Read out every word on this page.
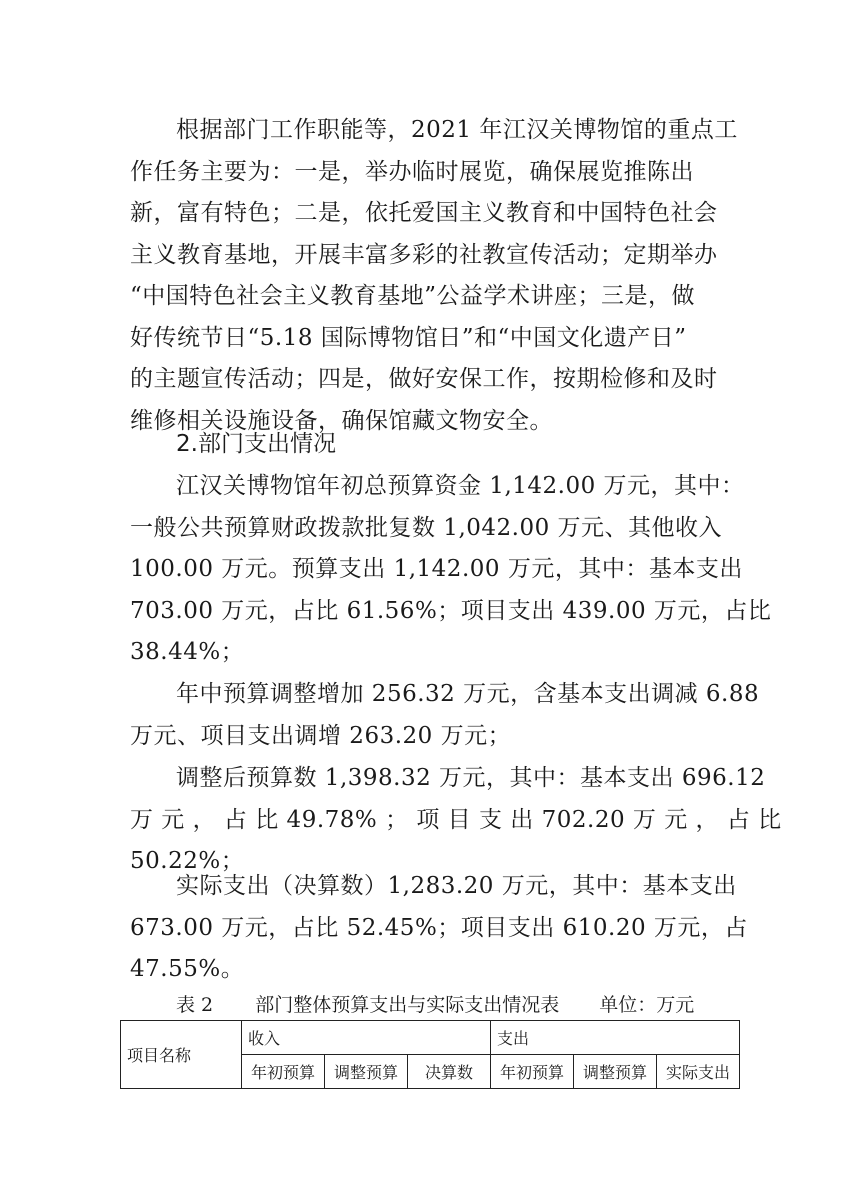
根据部门工作职能等，2021 年江汉关博物馆的重点工
作任务主要为：一是，举办临时展览，确保展览推陈出
新，富有特色；二是，依托爱国主义教育和中国特色社会
主义教育基地，开展丰富多彩的社教宣传活动；定期举办
“中国特色社会主义教育基地”公益学术讲座；三是，做
好传统节日“5.18 国际博物馆日”和“中国文化遗产日”
的主题宣传活动；四是，做好安保工作，按期检修和及时
维修相关设施设备，确保馆藏文物安全。

2.部门支出情况

江汉关博物馆年初总预算资金 1,142.00 万元，其中：
一般公共预算财政拨款批复数 1,042.00 万元、其他收入
100.00 万元。预算支出 1,142.00 万元，其中：基本支出
703.00 万元，占比 61.56%；项目支出 439.00 万元，占比
38.44%；
年中预算调整增加 256.32 万元，含基本支出调减 6.88
万元、项目支出调增 263.20 万元；
调整后预算数 1,398.32 万元，其中：基本支出 696.12
万 元 ， 占 比 49.78% ； 项 目 支 出 702.20 万 元 ， 占 比
50.22%；
实际支出（决算数）1,283.20 万元，其中：基本支出
673.00 万元，占比 52.45%；项目支出 610.20 万元，占
47.55%。
表 2 部门整体预算支出与实际支出情况表 单位：万元
项目名称	收入			支出		
	年初预算	调整预算	决算数	年初预算	调整预算	实际支出
